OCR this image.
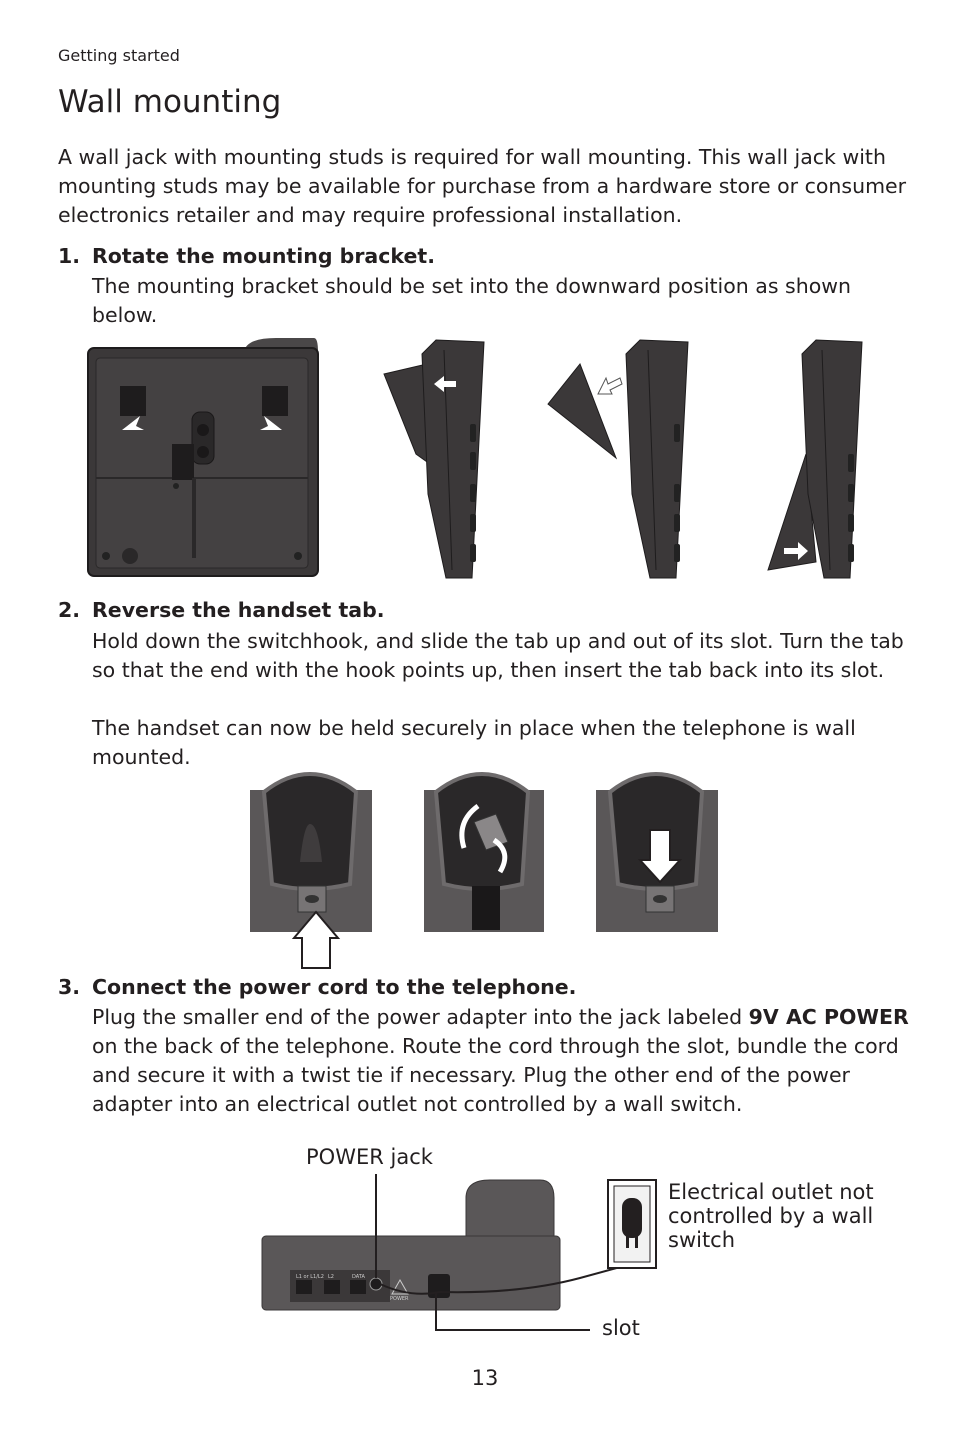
Getting started
Wall mounting
A wall jack with mounting studs is required for wall mounting. This wall jack with mounting studs may be available for purchase from a hardware store or consumer electronics retailer and may require professional installation.
1. Rotate the mounting bracket.
The mounting bracket should be set into the downward position as shown below.
2. Reverse the handset tab.
Hold down the switchhook, and slide the tab up and out of its slot. Turn the tab so that the end with the hook points up, then insert the tab back into its slot.
The handset can now be held securely in place when the telephone is wall mounted.
3. Connect the power cord to the telephone.
Plug the smaller end of the power adapter into the jack labeled 9V AC POWER on the back of the telephone. Route the cord through the slot, bundle the cord and secure it with a twist tie if necessary. Plug the other end of the power adapter into an electrical outlet not controlled by a wall switch.
POWER jack
Electrical outlet not
controlled by a wall
switch
slot
L1 or L1/L2 L2	DATA
POWER
13
